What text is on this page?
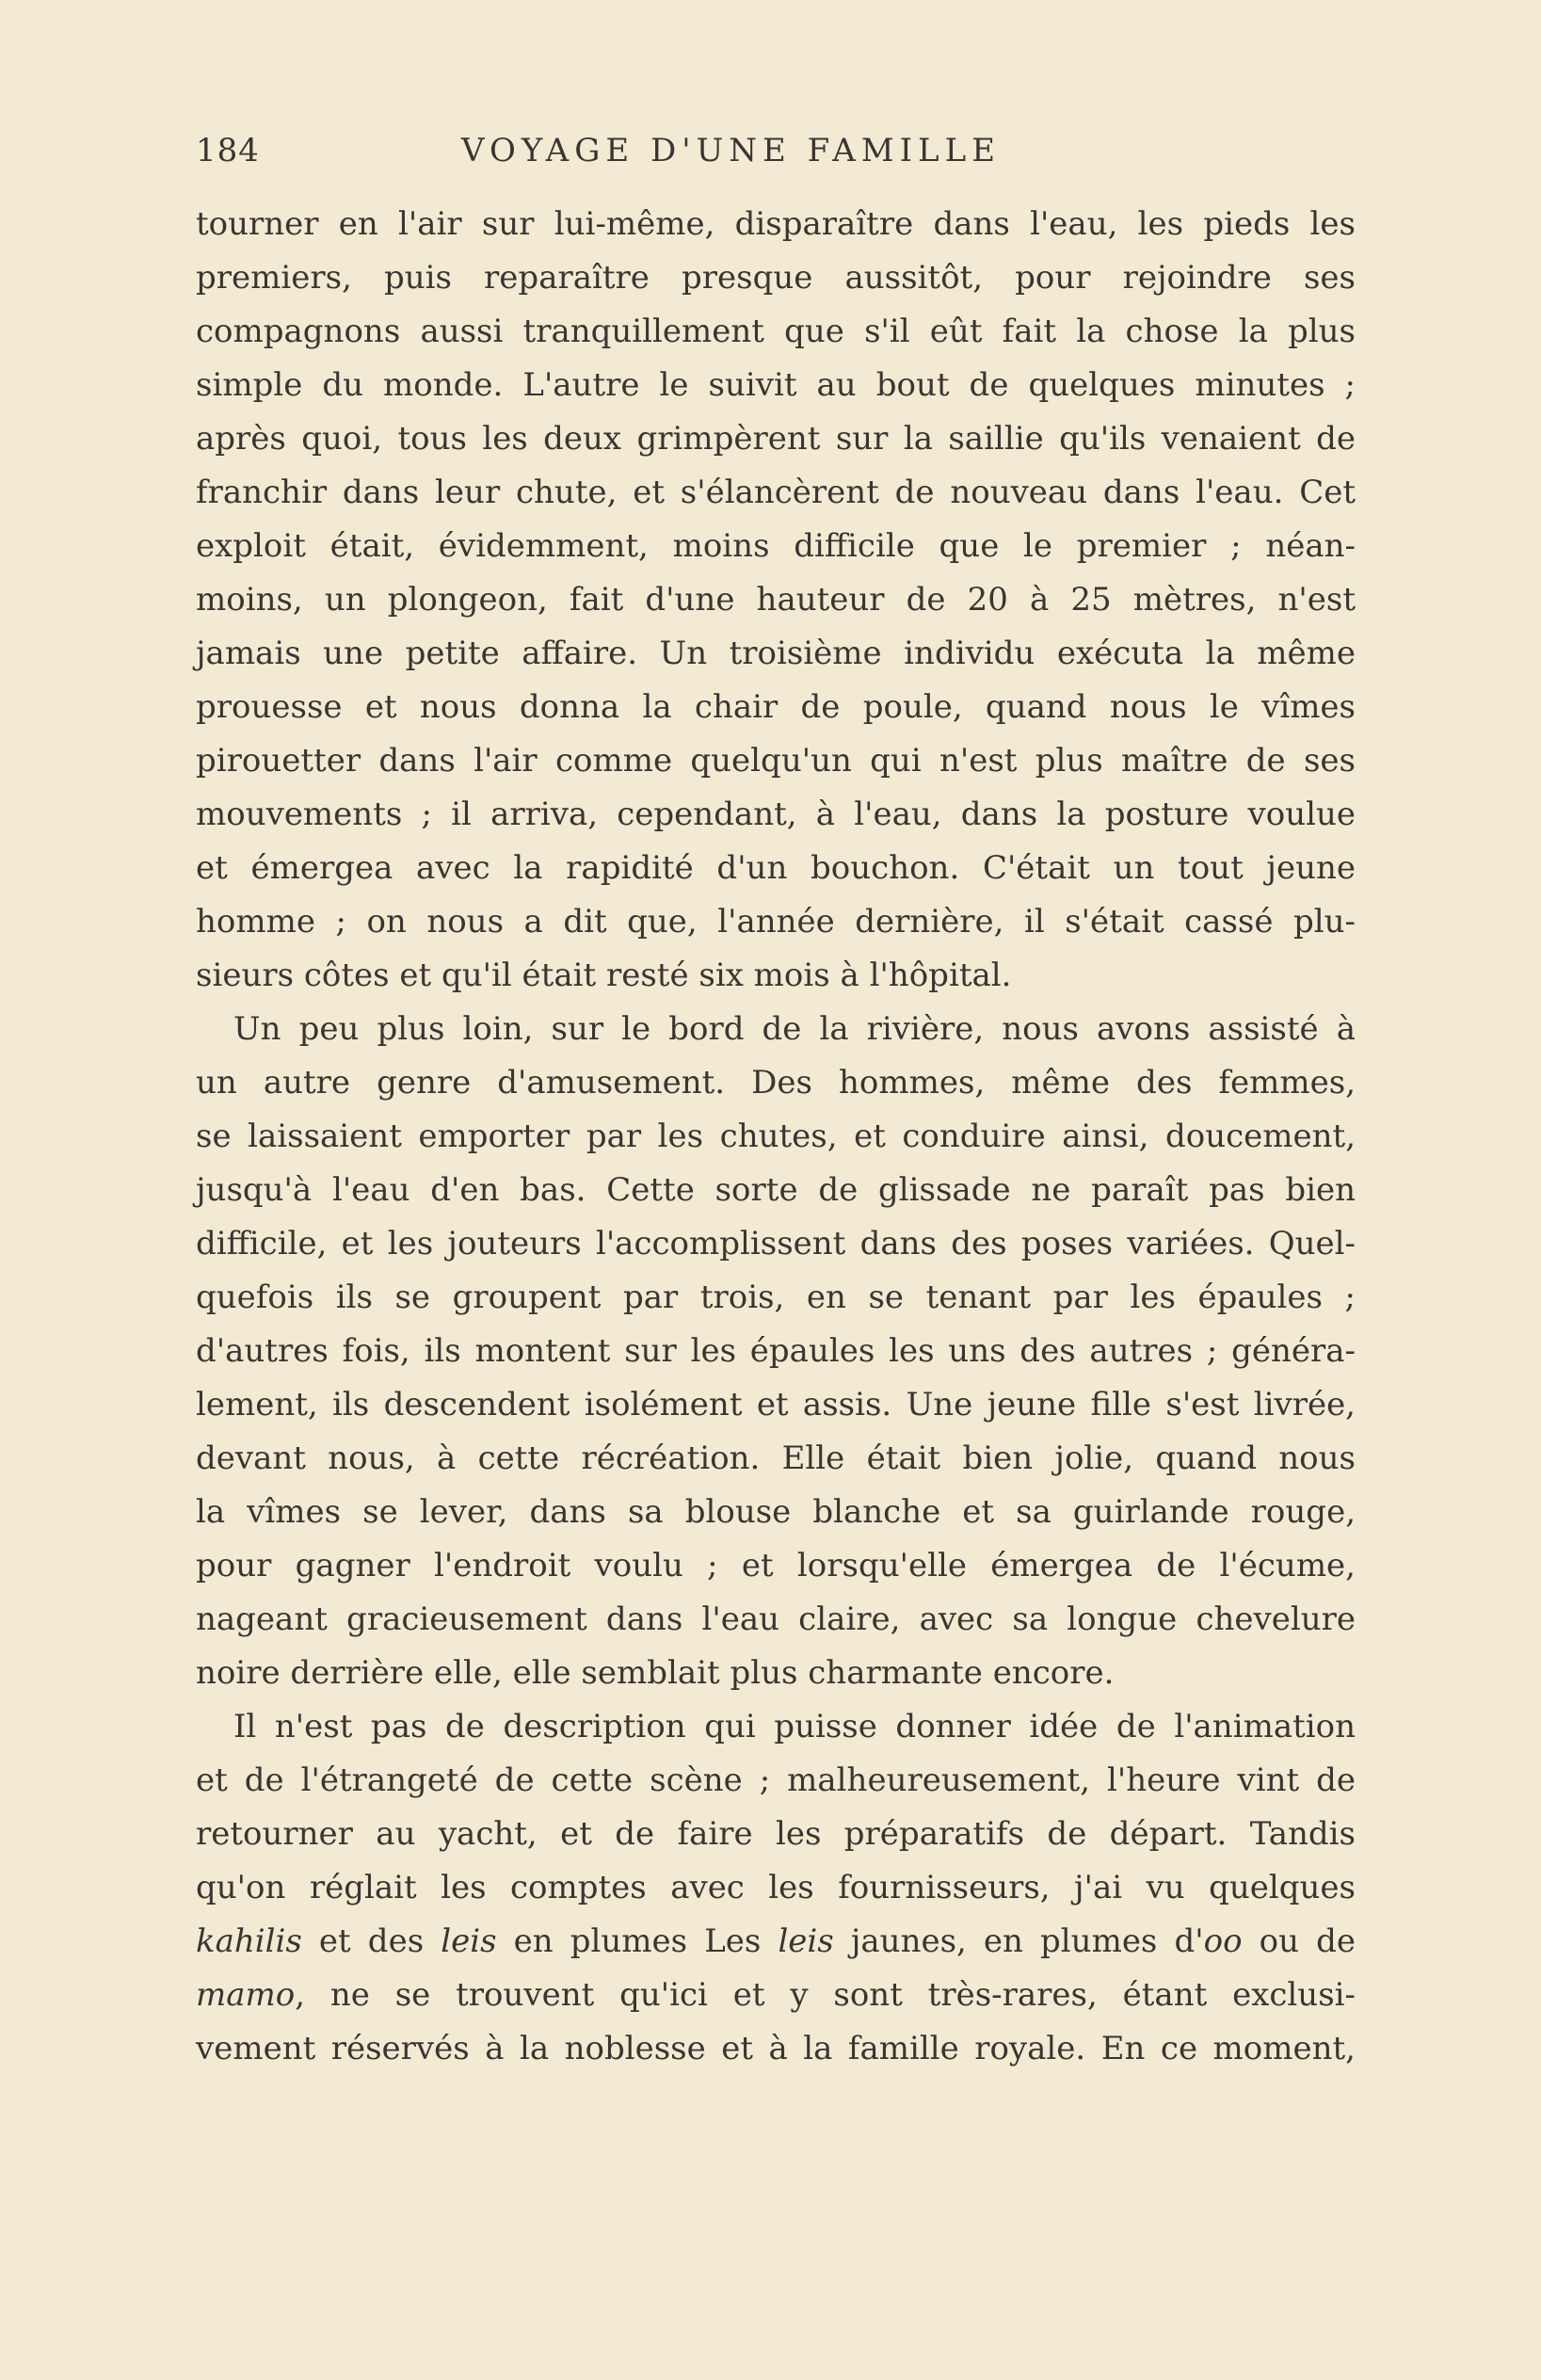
184	VOYAGE D'UNE FAMILLE
tourner en l'air sur lui-même, disparaître dans l'eau, les pieds les
premiers, puis reparaître presque aussitôt, pour rejoindre ses
compagnons aussi tranquillement que s'il eût fait la chose la plus
simple du monde. L'autre le suivit au bout de quelques minutes ;
après quoi, tous les deux grimpèrent sur la saillie qu'ils venaient de
franchir dans leur chute, et s'élancèrent de nouveau dans l'eau. Cet
exploit était, évidemment, moins difficile que le premier ; néan-
moins, un plongeon, fait d'une hauteur de 20 à 25 mètres, n'est
jamais une petite affaire. Un troisième individu exécuta la même
prouesse et nous donna la chair de poule, quand nous le vîmes
pirouetter dans l'air comme quelqu'un qui n'est plus maître de ses
mouvements ; il arriva, cependant, à l'eau, dans la posture voulue
et émergea avec la rapidité d'un bouchon. C'était un tout jeune
homme ; on nous a dit que, l'année dernière, il s'était cassé plu-
sieurs côtes et qu'il était resté six mois à l'hôpital.
Un peu plus loin, sur le bord de la rivière, nous avons assisté à
un autre genre d'amusement. Des hommes, même des femmes,
se laissaient emporter par les chutes, et conduire ainsi, doucement,
jusqu'à l'eau d'en bas. Cette sorte de glissade ne paraît pas bien
difficile, et les jouteurs l'accomplissent dans des poses variées. Quel-
quefois ils se groupent par trois, en se tenant par les épaules ;
d'autres fois, ils montent sur les épaules les uns des autres ; généra-
lement, ils descendent isolément et assis. Une jeune fille s'est livrée,
devant nous, à cette récréation. Elle était bien jolie, quand nous
la vîmes se lever, dans sa blouse blanche et sa guirlande rouge,
pour gagner l'endroit voulu ; et lorsqu'elle émergea de l'écume,
nageant gracieusement dans l'eau claire, avec sa longue chevelure
noire derrière elle, elle semblait plus charmante encore.
Il n'est pas de description qui puisse donner idée de l'animation
et de l'étrangeté de cette scène ; malheureusement, l'heure vint de
retourner au yacht, et de faire les préparatifs de départ. Tandis
qu'on réglait les comptes avec les fournisseurs, j'ai vu quelques
kahilis et des leis en plumes Les leis jaunes, en plumes d'oo ou de
mamo, ne se trouvent qu'ici et y sont très-rares, étant exclusi-
vement réservés à la noblesse et à la famille royale. En ce moment,
